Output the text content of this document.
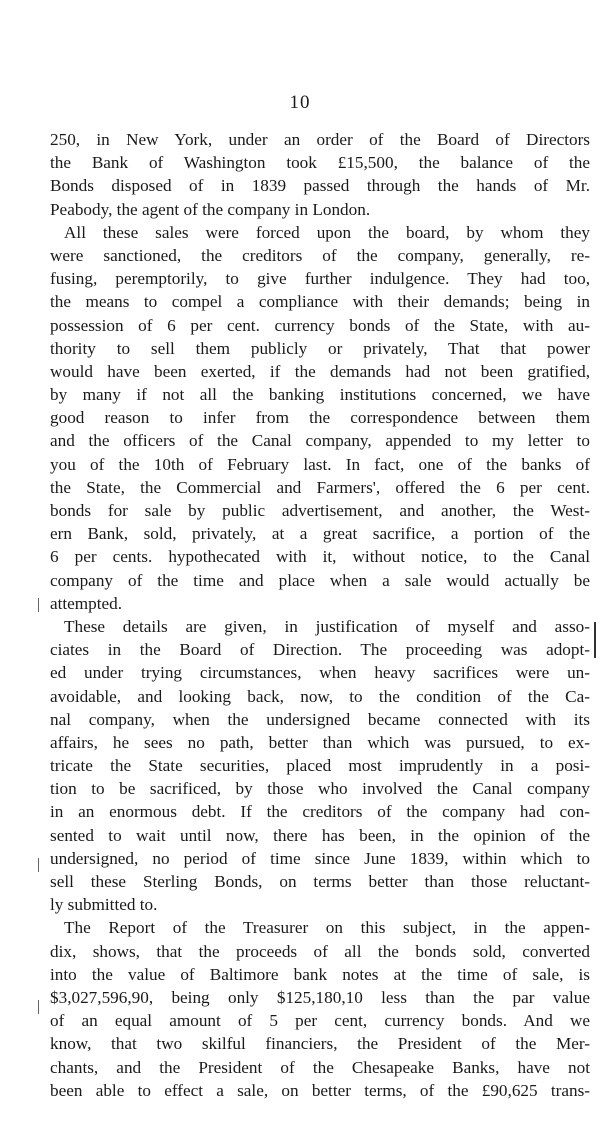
10
250, in New York, under an order of the Board of Directors
the Bank of Washington took £15,500, the balance of the
Bonds disposed of in 1839 passed through the hands of Mr.
Peabody, the agent of the company in London.
All these sales were forced upon the board, by whom they
were sanctioned, the creditors of the company, generally, re-
fusing, peremptorily, to give further indulgence. They had too,
the means to compel a compliance with their demands; being in
possession of 6 per cent. currency bonds of the State, with au-
thority to sell them publicly or privately, That that power
would have been exerted, if the demands had not been gratified,
by many if not all the banking institutions concerned, we have
good reason to infer from the correspondence between them
and the officers of the Canal company, appended to my letter to
you of the 10th of February last. In fact, one of the banks of
the State, the Commercial and Farmers', offered the 6 per cent.
bonds for sale by public advertisement, and another, the West-
ern Bank, sold, privately, at a great sacrifice, a portion of the
6 per cents. hypothecated with it, without notice, to the Canal
company of the time and place when a sale would actually be
attempted.
These details are given, in justification of myself and asso-
ciates in the Board of Direction. The proceeding was adopt-
ed under trying circumstances, when heavy sacrifices were un-
avoidable, and looking back, now, to the condition of the Ca-
nal company, when the undersigned became connected with its
affairs, he sees no path, better than which was pursued, to ex-
tricate the State securities, placed most imprudently in a posi-
tion to be sacrificed, by those who involved the Canal company
in an enormous debt. If the creditors of the company had con-
sented to wait until now, there has been, in the opinion of the
undersigned, no period of time since June 1839, within which to
sell these Sterling Bonds, on terms better than those reluctant-
ly submitted to.
The Report of the Treasurer on this subject, in the appen-
dix, shows, that the proceeds of all the bonds sold, converted
into the value of Baltimore bank notes at the time of sale, is
$3,027,596,90, being only $125,180,10 less than the par value
of an equal amount of 5 per cent, currency bonds. And we
know, that two skilful financiers, the President of the Mer-
chants, and the President of the Chesapeake Banks, have not
been able to effect a sale, on better terms, of the £90,625 trans-
